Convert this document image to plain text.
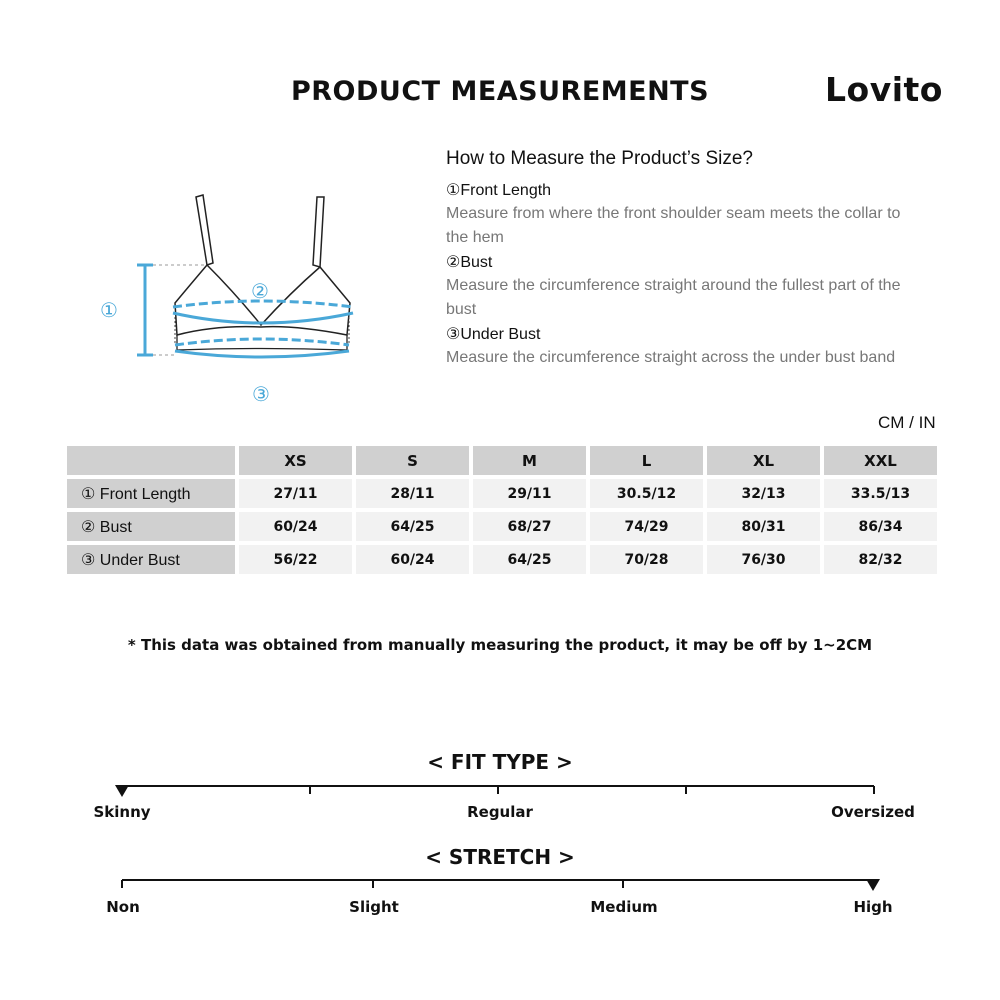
PRODUCT MEASUREMENTS	Lovito
①
②
③
How to Measure the Product’s Size?
①Front Length
Measure from where the front shoulder seam meets the collar to the hem
②Bust
Measure the circumference straight around the fullest part of the bust
③Under Bust
Measure the circumference straight across the under bust band
CM / IN
	XS	S	M	L	XL	XXL
① Front Length	27/11	28/11	29/11	30.5/12	32/13	33.5/13
② Bust	60/24	64/25	68/27	74/29	80/31	86/34
③ Under Bust	56/22	60/24	64/25	70/28	76/30	82/32
* This data was obtained from manually measuring the product, it may be off by 1~2CM
< FIT TYPE >
Skinny	Regular	Oversized
< STRETCH >
Non	Slight	Medium	High
